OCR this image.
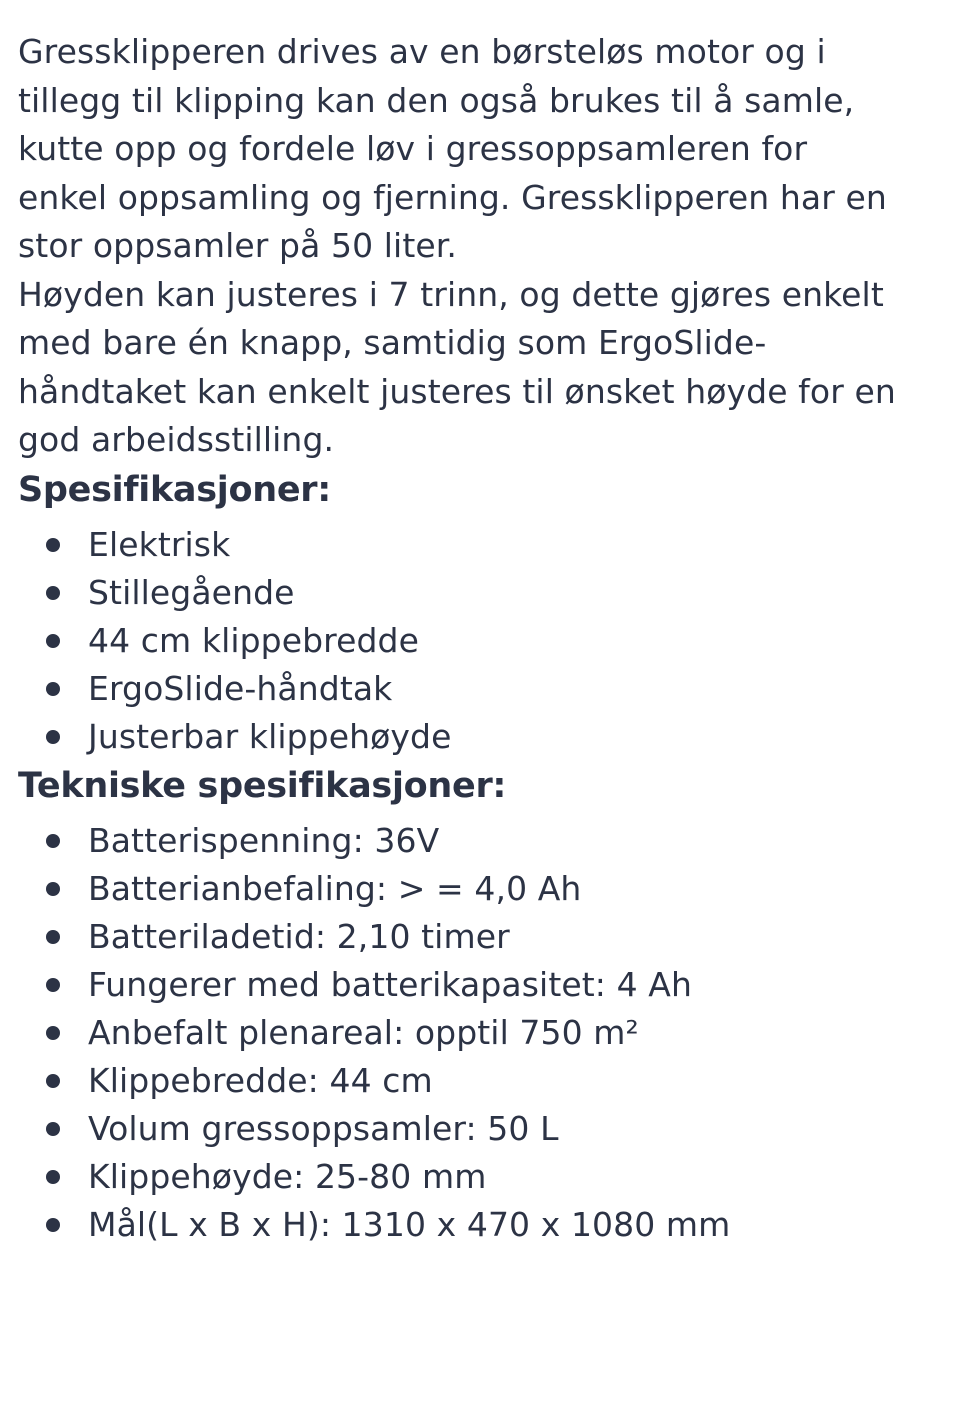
Gressklipperen drives av en børsteløs motor og i
tillegg til klipping kan den også brukes til å samle,
kutte opp og fordele løv i gressoppsamleren for
enkel oppsamling og fjerning. Gressklipperen har en
stor oppsamler på 50 liter.

Høyden kan justeres i 7 trinn, og dette gjøres enkelt
med bare én knapp, samtidig som ErgoSlide-
håndtaket kan enkelt justeres til ønsket høyde for en
god arbeidsstilling.

Spesifikasjoner:
Elektrisk
Stillegående
44 cm klippebredde
ErgoSlide-håndtak
Justerbar klippehøyde
Tekniske spesifikasjoner:
Batterispenning: 36V
Batterianbefaling: > = 4,0 Ah
Batteriladetid: 2,10 timer
Fungerer med batterikapasitet: 4 Ah
Anbefalt plenareal: opptil 750 m²
Klippebredde: 44 cm
Volum gressoppsamler: 50 L
Klippehøyde: 25-80 mm
Mål(L x B x H): 1310 x 470 x 1080 mm
